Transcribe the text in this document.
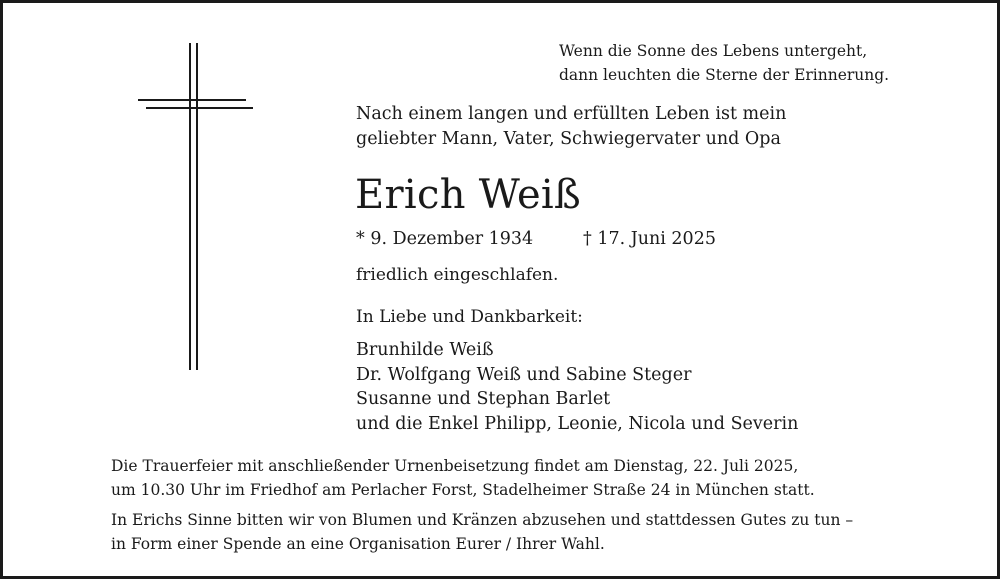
Wenn die Sonne des Lebens untergeht,
dann leuchten die Sterne der Erinnerung.
Nach einem langen und erfüllten Leben ist mein
geliebter Mann, Vater, Schwiegervater und Opa
Erich Weiß
* 9. Dezember 1934	† 17. Juni 2025
friedlich eingeschlafen.
In Liebe und Dankbarkeit:
Brunhilde Weiß
Dr. Wolfgang Weiß und Sabine Steger
Susanne und Stephan Barlet
und die Enkel Philipp, Leonie, Nicola und Severin
Die Trauerfeier mit anschließender Urnenbeisetzung findet am Dienstag, 22. Juli 2025,
um 10.30 Uhr im Friedhof am Perlacher Forst, Stadelheimer Straße 24 in München statt.
In Erichs Sinne bitten wir von Blumen und Kränzen abzusehen und stattdessen Gutes zu tun –
in Form einer Spende an eine Organisation Eurer / Ihrer Wahl.
